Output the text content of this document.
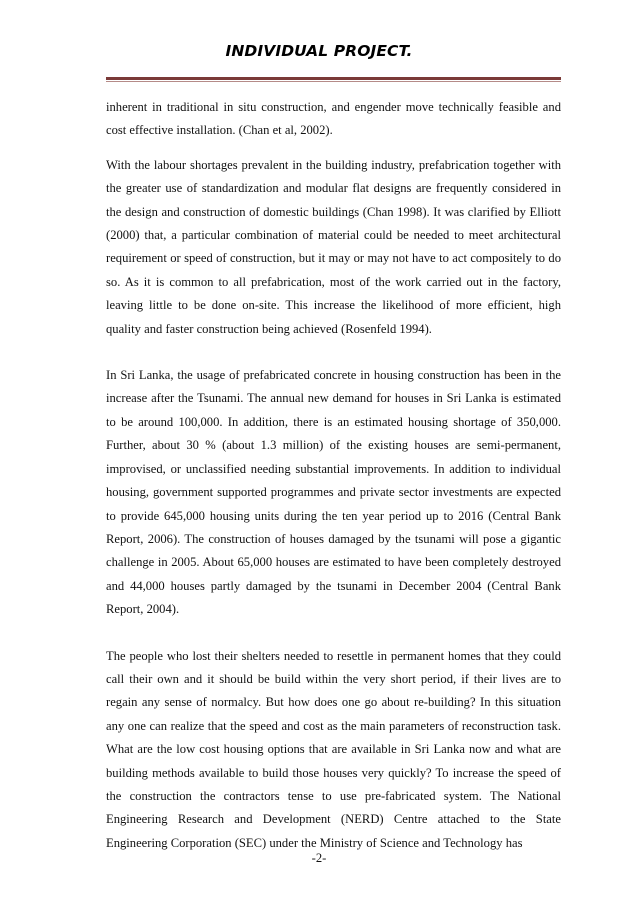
INDIVIDUAL PROJECT.

inherent in traditional in situ construction, and engender move technically feasible and cost effective installation. (Chan et al, 2002).

With the labour shortages prevalent in the building industry, prefabrication together with the greater use of standardization and modular flat designs are frequently considered in the design and construction of domestic buildings (Chan 1998). It was clarified by Elliott (2000) that, a particular combination of material could be needed to meet architectural requirement or speed of construction, but it may or may not have to act compositely to do so. As it is common to all prefabrication, most of the work carried out in the factory, leaving little to be done on-site. This increase the likelihood of more efficient, high quality and faster construction being achieved (Rosenfeld 1994).

In Sri Lanka, the usage of prefabricated concrete in housing construction has been in the increase after the Tsunami. The annual new demand for houses in Sri Lanka is estimated to be around 100,000. In addition, there is an estimated housing shortage of 350,000. Further, about 30 % (about 1.3 million) of the existing houses are semi-permanent, improvised, or unclassified needing substantial improvements. In addition to individual housing, government supported programmes and private sector investments are expected to provide 645,000 housing units during the ten year period up to 2016 (Central Bank Report, 2006). The construction of houses damaged by the tsunami will pose a gigantic challenge in 2005. About 65,000 houses are estimated to have been completely destroyed and 44,000 houses partly damaged by the tsunami in December 2004 (Central Bank Report, 2004).

The people who lost their shelters needed to resettle in permanent homes that they could call their own and it should be build within the very short period, if their lives are to regain any sense of normalcy. But how does one go about re-building? In this situation any one can realize that the speed and cost as the main parameters of reconstruction task. What are the low cost housing options that are available in Sri Lanka now and what are building methods available to build those houses very quickly? To increase the speed of the construction the contractors tense to use pre-fabricated system. The National Engineering Research and Development (NERD) Centre attached to the State Engineering Corporation (SEC) under the Ministry of Science and Technology has

-2-
